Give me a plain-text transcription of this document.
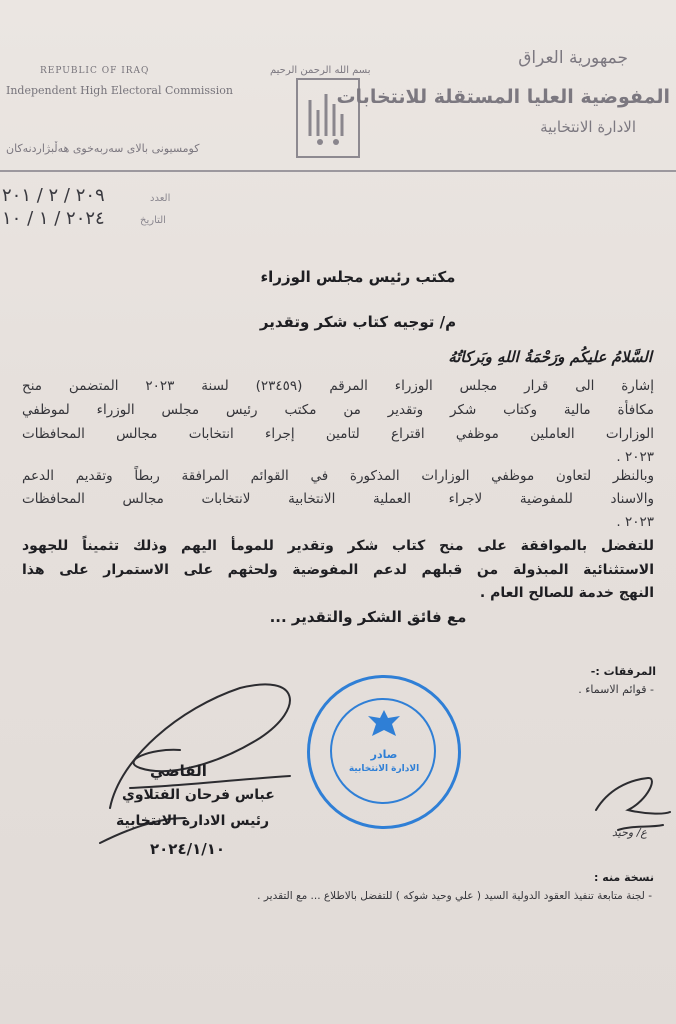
REPUBLIC OF IRAQ
Independent High Electoral Commission
كومسيونى بالاى سەربەخوى هەڵبژاردنەكان
بسم الله الرحمن الرحيم
جمهورية العراق
المفوضية العليا المستقلة للانتخابات
الادارة الانتخابية
العدد
٢٠٩ / ٢ / ٢٠١
التاريخ
٢٠٢٤ / ١ / ١٠
مكتب رئيس مجلس الوزراء
م/ توجيه كتاب شكر وتقدير
السَّلامُ عليكُم ورَحْمَةُ اللهِ وبَركاتُهُ
إشارة الى قرار مجلس الوزراء المرقم (٢٣٤٥٩) لسنة ٢٠٢٣ المتضمن منح
مكافأة مالية وكتاب شكر وتقدير من مكتب رئيس مجلس الوزراء لموظفي
الوزارات العاملين موظفي اقتراع لتامين إجراء انتخابات مجالس المحافظات
٢٠٢٣ .
وبالنظر لتعاون موظفي الوزارات المذكورة في القوائم المرافقة ربطاً وتقديم الدعم
والاسناد للمفوضية لاجراء العملية الانتخابية لانتخابات مجالس المحافظات
٢٠٢٣ .
للتفضل بالموافقة على منح كتاب شكر وتقدير للمومأ اليهم وذلك تثميناً للجهود
الاستثنائية المبذولة من قبلهم لدعم المفوضية ولحثهم على الاستمرار على هذا
النهج خدمة للصالح العام .
مع فائق الشكر والتقدير ...
المرفقات :-
- قوائم الاسماء .
القاضي
عباس فرحان الفتلاوي
رئيس الادارة الانتخابية
٢٠٢٤/١/١٠
صادر
الادارة الانتخابية
ع/ وحيد
نسخة منه :
- لجنة متابعة تنفيذ العقود الدولية السيد ( علي وحيد شوكه ) للتفضل بالاطلاع ... مع التقدير .
